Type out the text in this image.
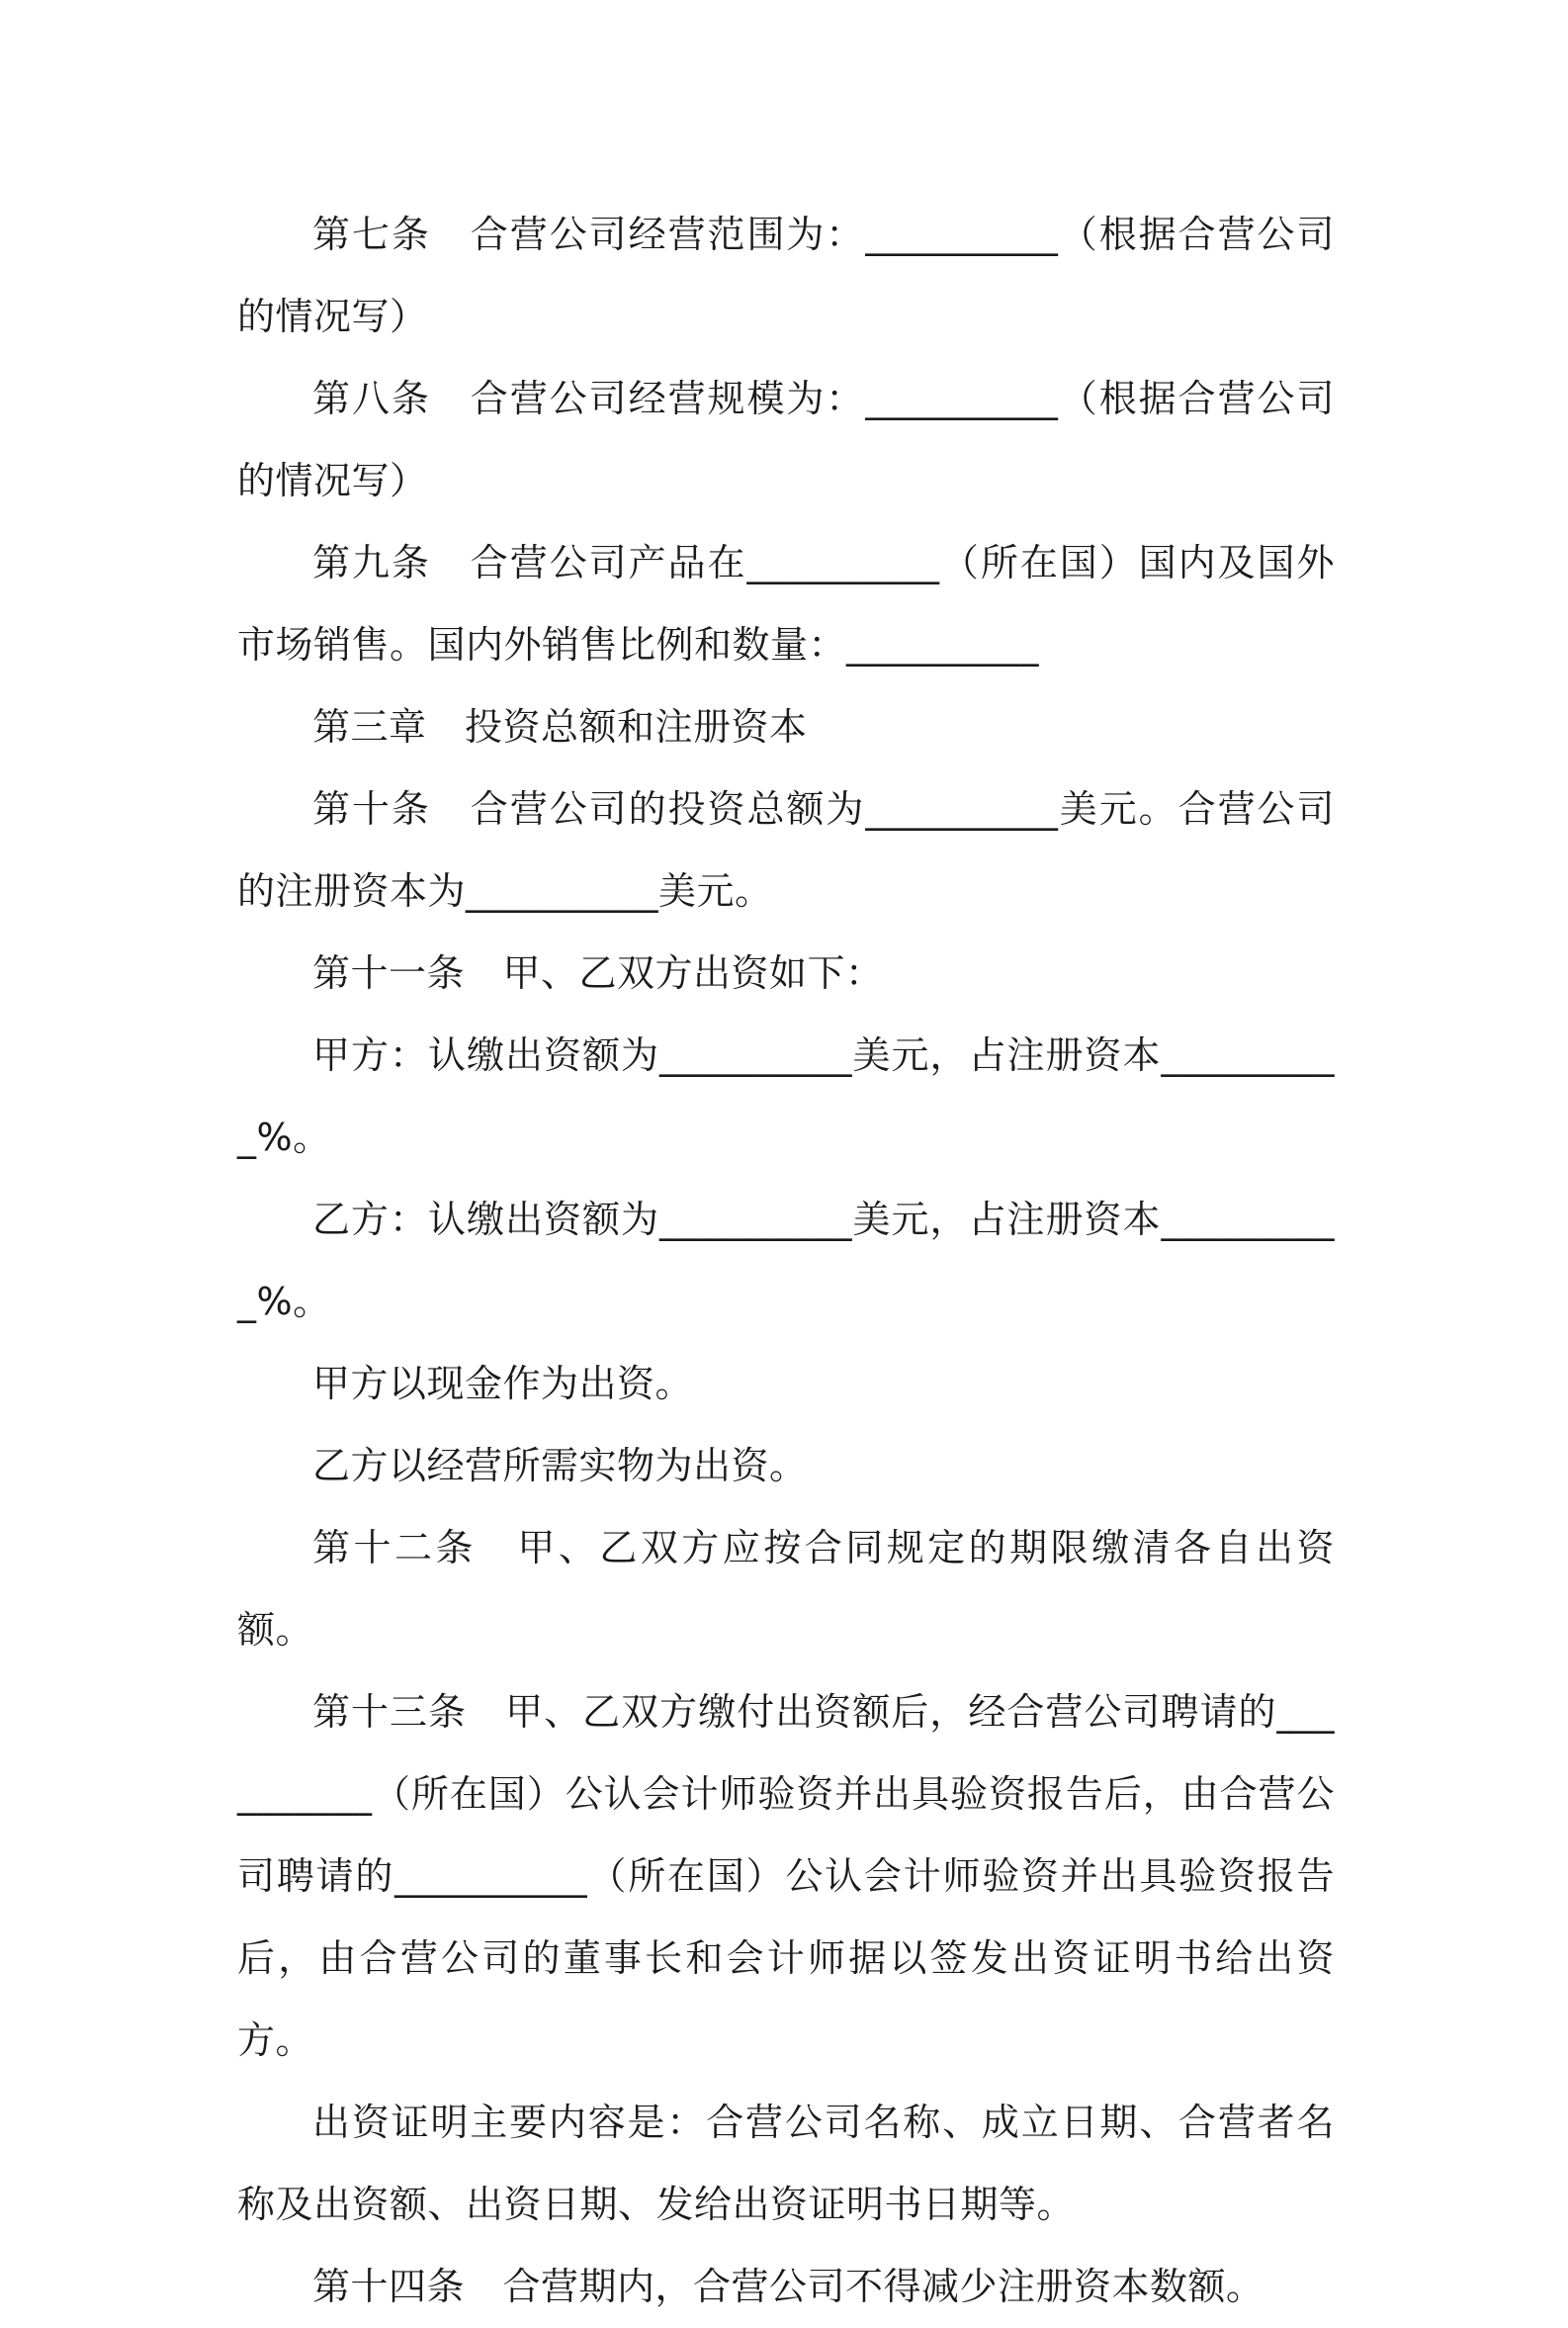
第七条　合营公司经营范围为：__________（根据合营公司的情况写）

第八条　合营公司经营规模为：__________（根据合营公司的情况写）

第九条　合营公司产品在__________（所在国）国内及国外市场销售。国内外销售比例和数量：__________

第三章　投资总额和注册资本

第十条　合营公司的投资总额为__________美元。合营公司的注册资本为__________美元。

第十一条　甲、乙双方出资如下：

甲方：认缴出资额为__________美元，占注册资本__________%。

乙方：认缴出资额为__________美元，占注册资本__________%。

甲方以现金作为出资。

乙方以经营所需实物为出资。

第十二条　甲、乙双方应按合同规定的期限缴清各自出资额。

第十三条　甲、乙双方缴付出资额后，经合营公司聘请的__________（所在国）公认会计师验资并出具验资报告后，由合营公司聘请的__________（所在国）公认会计师验资并出具验资报告后，由合营公司的董事长和会计师据以签发出资证明书给出资方。

出资证明主要内容是：合营公司名称、成立日期、合营者名称及出资额、出资日期、发给出资证明书日期等。

第十四条　合营期内，合营公司不得减少注册资本数额。
